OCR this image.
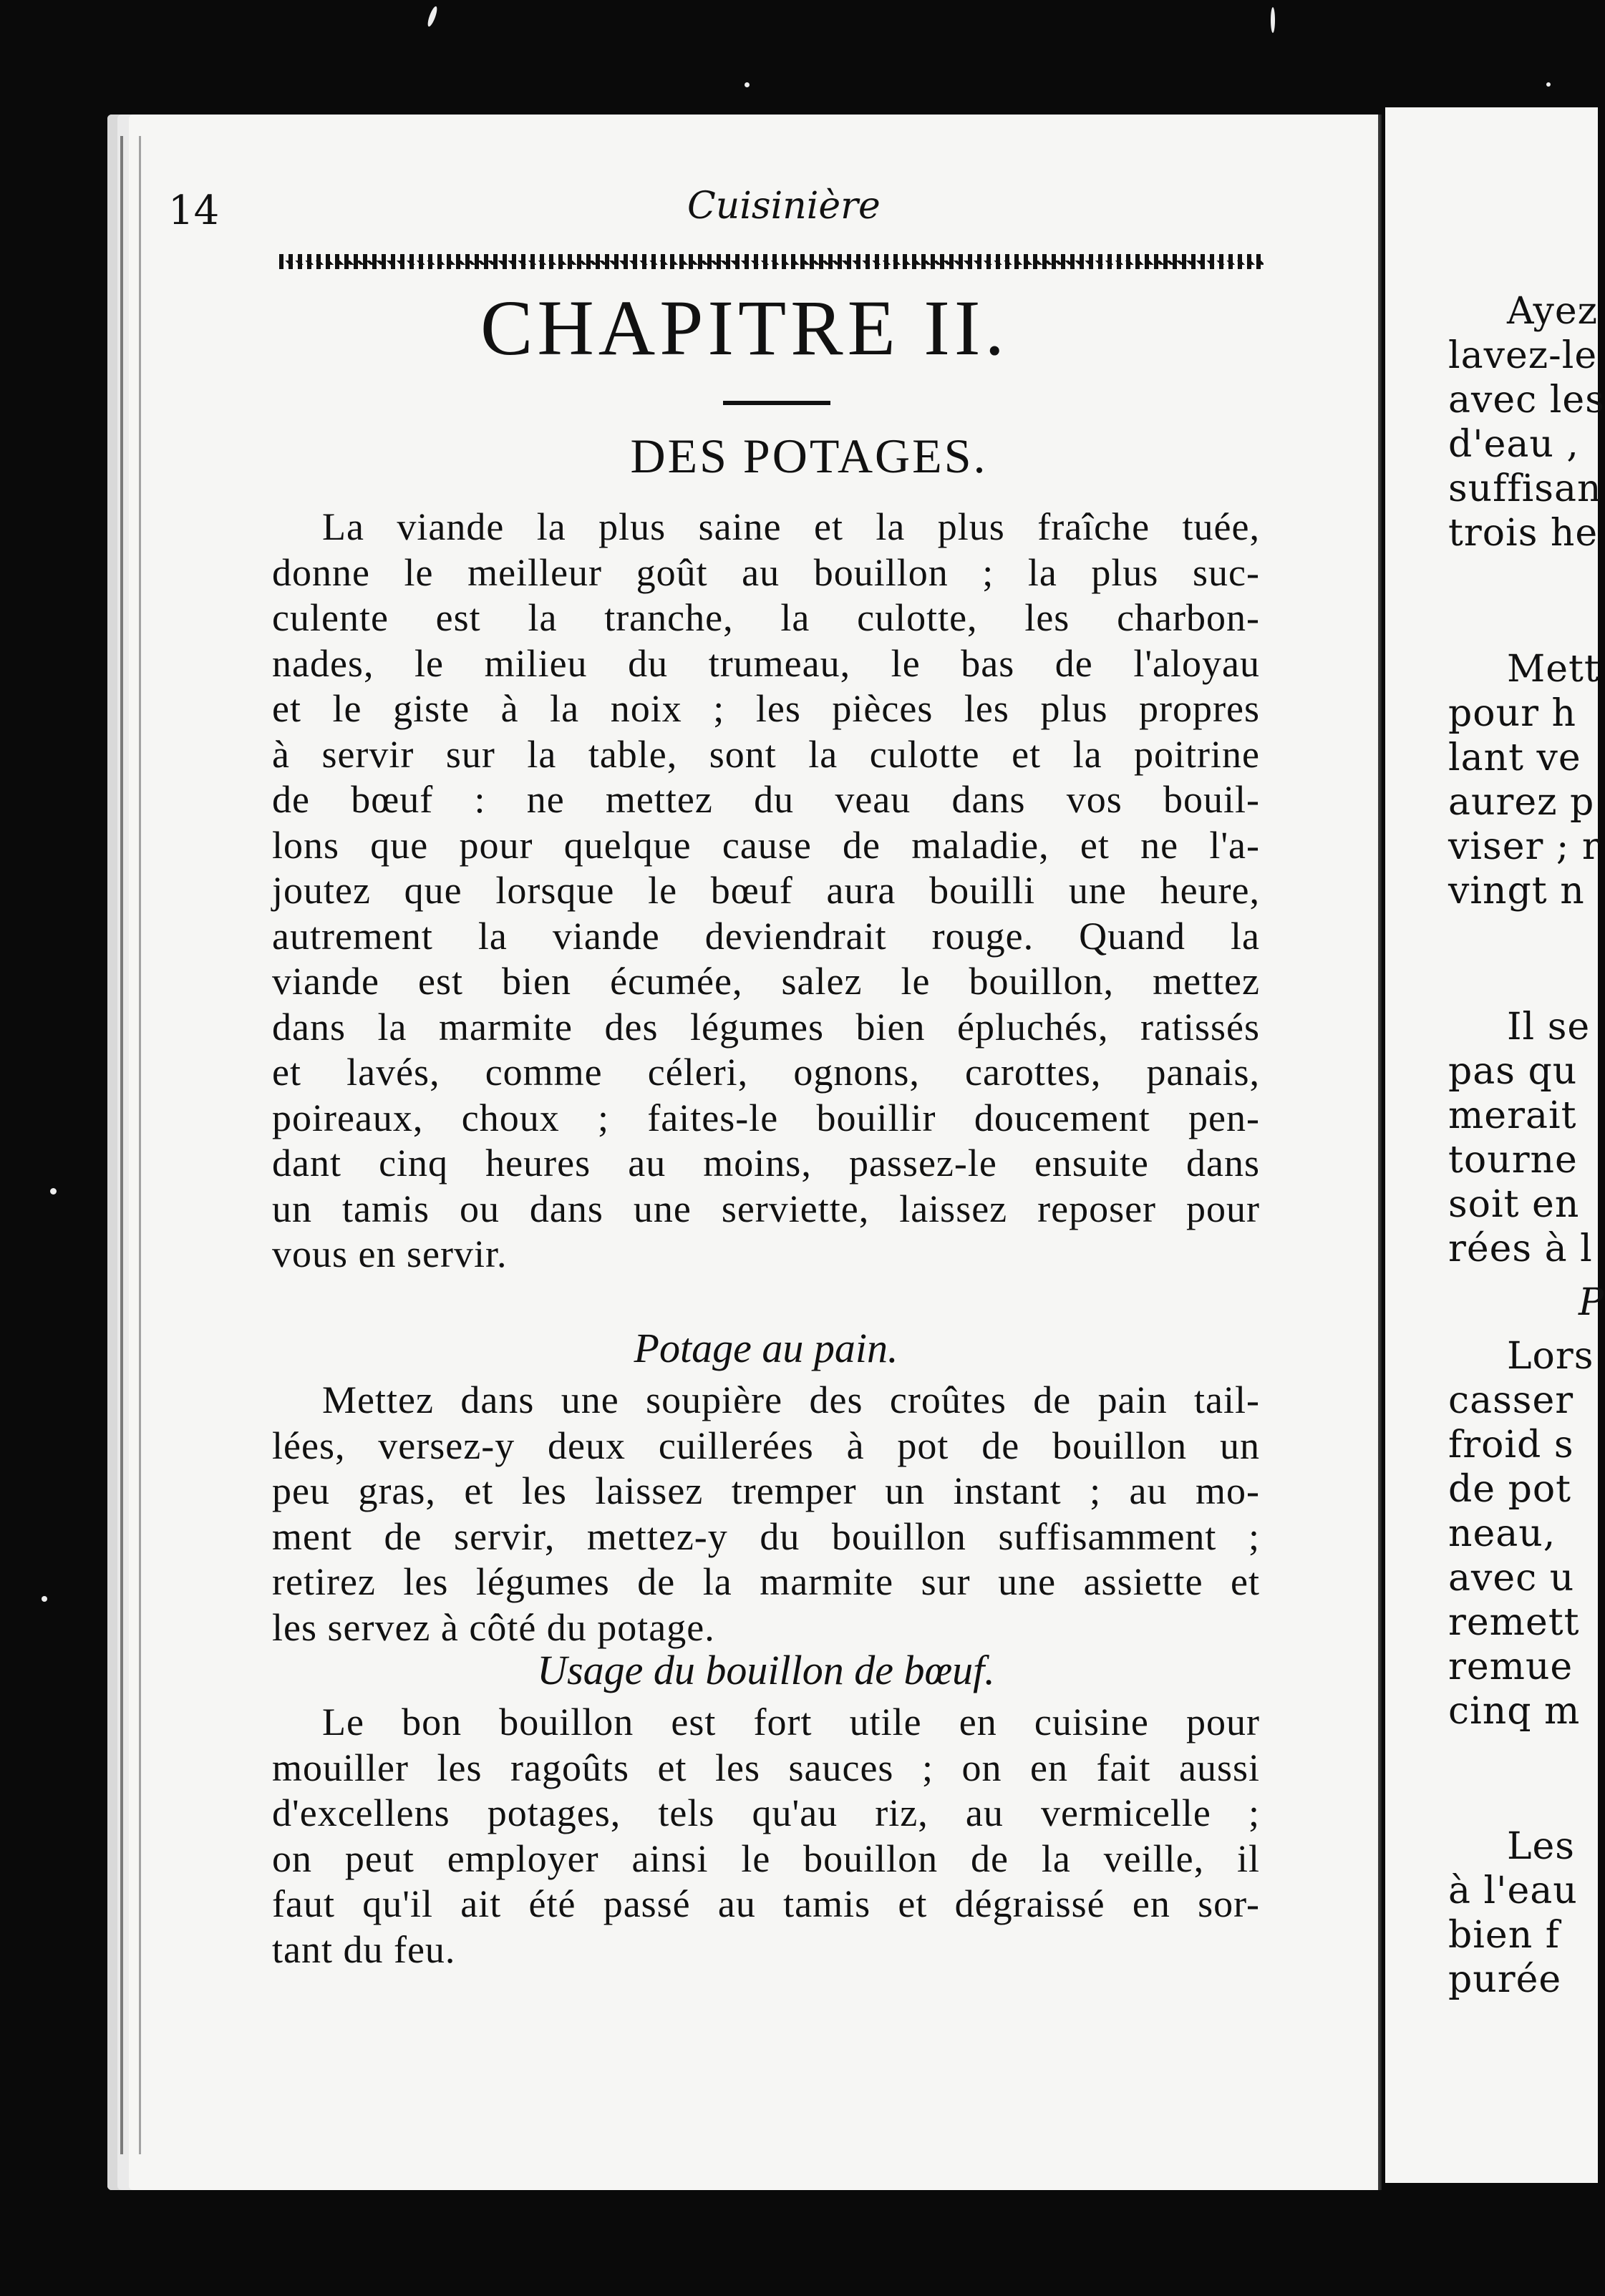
Ayez
lavez-le
avec les
d'eau ,
suffisan
trois he
Mett
pour h
lant ve
aurez p
viser ; r
vingt n
Il se
pas qu
merait
tourne
soit en
rées à l
P
Lors
casser
froid s
de pot
neau,
avec u
remett
remue
cinq m
Les
à l'eau
bien f
purée
14	Cuisinière
CHAPITRE II.
DES POTAGES.
La viande la plus saine et la plus fraîche tuée,
donne le meilleur goût au bouillon ; la plus suc-
culente est la tranche, la culotte, les charbon-
nades, le milieu du trumeau, le bas de l'aloyau
et le giste à la noix ; les pièces les plus propres
à servir sur la table, sont la culotte et la poitrine
de bœuf : ne mettez du veau dans vos bouil-
lons que pour quelque cause de maladie, et ne l'a-
joutez que lorsque le bœuf aura bouilli une heure,
autrement la viande deviendrait rouge. Quand la
viande est bien écumée, salez le bouillon, mettez
dans la marmite des légumes bien épluchés, ratissés
et lavés, comme céleri, ognons, carottes, panais,
poireaux, choux ; faites-le bouillir doucement pen-
dant cinq heures au moins, passez-le ensuite dans
un tamis ou dans une serviette, laissez reposer pour
vous en servir.
Potage au pain.
Mettez dans une soupière des croûtes de pain tail-
lées, versez-y deux cuillerées à pot de bouillon un
peu gras, et les laissez tremper un instant ; au mo-
ment de servir, mettez-y du bouillon suffisamment ;
retirez les légumes de la marmite sur une assiette et
les servez à côté du potage.
Usage du bouillon de bœuf.
Le bon bouillon est fort utile en cuisine pour
mouiller les ragoûts et les sauces ; on en fait aussi
d'excellens potages, tels qu'au riz, au vermicelle ;
on peut employer ainsi le bouillon de la veille, il
faut qu'il ait été passé au tamis et dégraissé en sor-
tant du feu.
